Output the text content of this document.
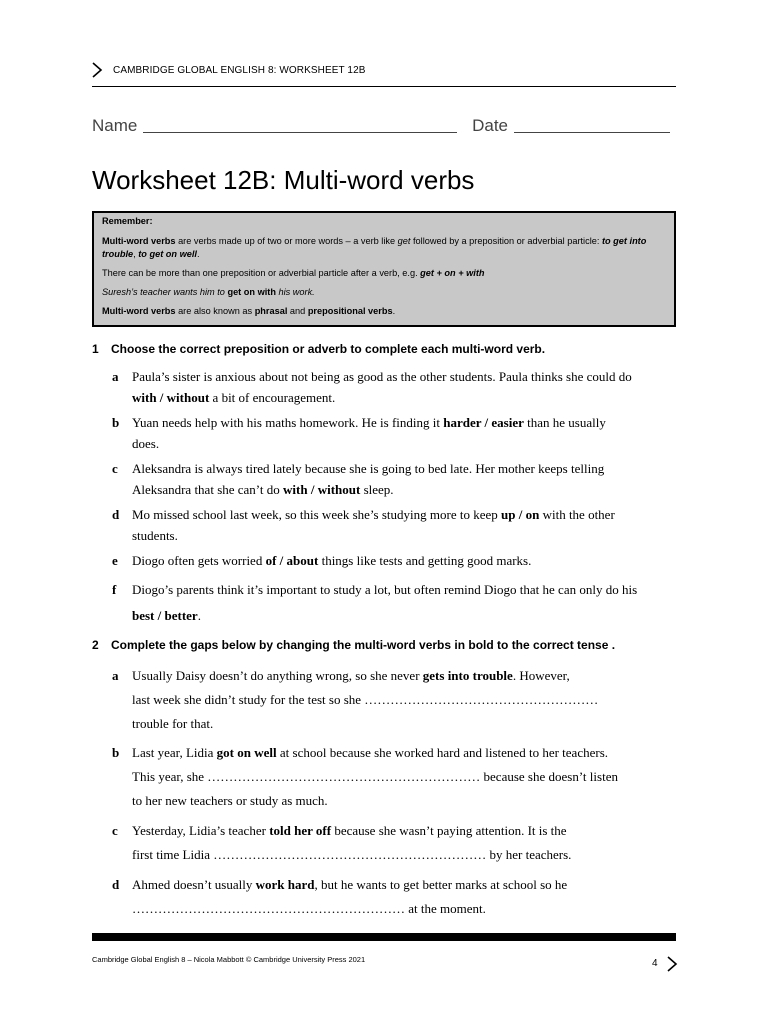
CAMBRIDGE GLOBAL ENGLISH 8: WORKSHEET 12B
Name	Date
Worksheet 12B: Multi-word verbs

Remember:

Multi-word verbs are verbs made up of two or more words – a verb like get followed by a preposition or adverbial particle: to get into trouble, to get on well.

There can be more than one preposition or adverbial particle after a verb, e.g. get + on + with

Suresh’s teacher wants him to get on with his work.

Multi-word verbs are also known as phrasal and prepositional verbs.

1 Choose the correct preposition or adverb to complete each multi-word verb.
a Paula’s sister is anxious about not being as good as the other students. Paula thinks she could do with / without a bit of encouragement.
b Yuan needs help with his maths homework. He is finding it harder / easier than he usually does.
c Aleksandra is always tired lately because she is going to bed late. Her mother keeps telling Aleksandra that she can’t do with / without sleep.
d Mo missed school last week, so this week she’s studying more to keep up / on with the other students.
e Diogo often gets worried of / about things like tests and getting good marks.
f Diogo’s parents think it’s important to study a lot, but often remind Diogo that he can only do his best / better.
2 Complete the gaps below by changing the multi-word verbs in bold to the correct tense .
a Usually Daisy doesn’t do anything wrong, so she never gets into trouble. However,
last week she didn’t study for the test so she ………………………………………………
trouble for that.
b Last year, Lidia got on well at school because she worked hard and listened to her teachers.
This year, she ……………………………………………………… because she doesn’t listen
to her new teachers or study as much.
c Yesterday, Lidia’s teacher told her off because she wasn’t paying attention. It is the
first time Lidia ……………………………………………………… by her teachers.
d Ahmed doesn’t usually work hard, but he wants to get better marks at school so he
……………………………………………………… at the moment.
Cambridge Global English 8 – Nicola Mabbott © Cambridge University Press 2021	4
